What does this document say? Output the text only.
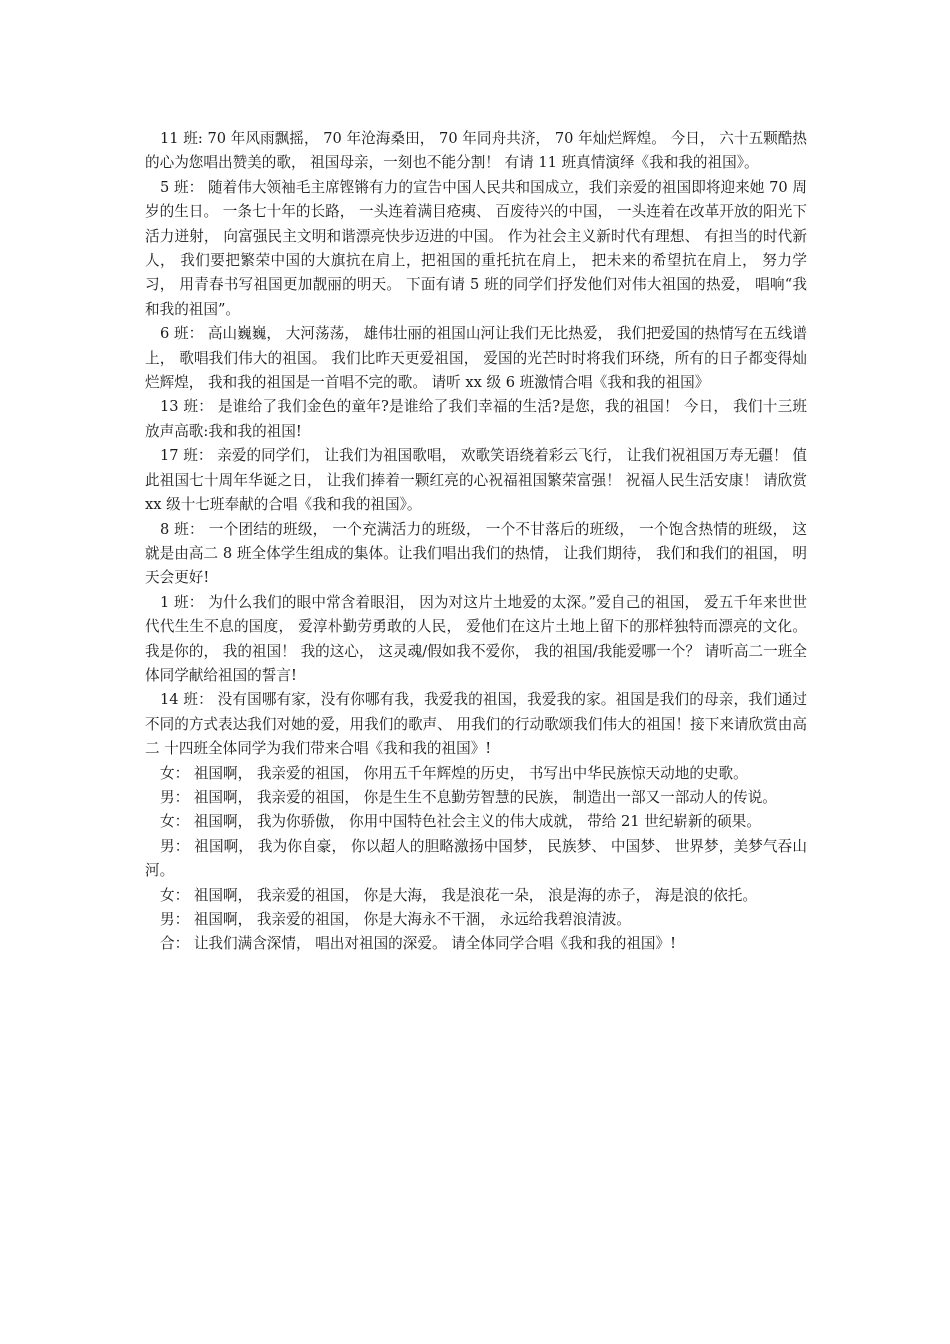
11 班: 70 年风雨飘摇， 70 年沧海桑田， 70 年同舟共济， 70 年灿烂辉煌。 今日， 六十五颗酷热的心为您唱出赞美的歌， 祖国母亲，一刻也不能分割！ 有请 11 班真情演绎《我和我的祖国》。

5 班： 随着伟大领袖毛主席铿锵有力的宣告中国人民共和国成立，我们亲爱的祖国即将迎来她 70 周岁的生日。 一条七十年的长路， 一头连着满目疮痍、 百废待兴的中国， 一头连着在改革开放的阳光下活力迸射， 向富强民主文明和谐漂亮快步迈进的中国。 作为社会主义新时代有理想、 有担当的时代新人， 我们要把繁荣中国的大旗抗在肩上，把祖国的重托抗在肩上， 把未来的希望抗在肩上， 努力学习， 用青春书写祖国更加靓丽的明天。 下面有请 5 班的同学们抒发他们对伟大祖国的热爱， 唱响“我和我的祖国”。

6 班： 高山巍巍， 大河荡荡， 雄伟壮丽的祖国山河让我们无比热爱， 我们把爱国的热情写在五线谱上， 歌唱我们伟大的祖国。 我们比昨天更爱祖国， 爱国的光芒时时将我们环绕，所有的日子都变得灿烂辉煌， 我和我的祖国是一首唱不完的歌。 请听 xx 级 6 班激情合唱《我和我的祖国》

13 班： 是谁给了我们金色的童年?是谁给了我们幸福的生活?是您，我的祖国！ 今日， 我们十三班放声高歌:我和我的祖国!

17 班： 亲爱的同学们， 让我们为祖国歌唱， 欢歌笑语绕着彩云飞行， 让我们祝祖国万寿无疆！ 值此祖国七十周年华诞之日， 让我们捧着一颗红亮的心祝福祖国繁荣富强！ 祝福人民生活安康！ 请欣赏xx 级十七班奉献的合唱《我和我的祖国》。

8 班： 一个团结的班级， 一个充满活力的班级， 一个不甘落后的班级， 一个饱含热情的班级， 这就是由高二 8 班全体学生组成的集体。让我们唱出我们的热情， 让我们期待， 我们和我们的祖国， 明天会更好!

1 班： 为什么我们的眼中常含着眼泪， 因为对这片土地爱的太深。”爱自己的祖国， 爱五千年来世世代代生生不息的国度， 爱淳朴勤劳勇敢的人民， 爱他们在这片土地上留下的那样独特而漂亮的文化。 我是你的， 我的祖国！ 我的这心， 这灵魂/假如我不爱你， 我的祖国/我能爱哪一个？ 请听高二一班全体同学献给祖国的誓言!

14 班： 没有国哪有家，没有你哪有我，我爱我的祖国，我爱我的家。祖国是我们的母亲，我们通过不同的方式表达我们对她的爱，用我们的歌声、 用我们的行动歌颂我们伟大的祖国！接下来请欣赏由高二 十四班全体同学为我们带来合唱《我和我的祖国》!

女： 祖国啊， 我亲爱的祖国， 你用五千年辉煌的历史， 书写出中华民族惊天动地的史歌。

男： 祖国啊， 我亲爱的祖国， 你是生生不息勤劳智慧的民族， 制造出一部又一部动人的传说。

女： 祖国啊， 我为你骄傲， 你用中国特色社会主义的伟大成就， 带给 21 世纪崭新的硕果。

男： 祖国啊， 我为你自豪， 你以超人的胆略激扬中国梦， 民族梦、 中国梦、 世界梦，美梦气吞山河。

女： 祖国啊， 我亲爱的祖国， 你是大海， 我是浪花一朵， 浪是海的赤子， 海是浪的依托。

男： 祖国啊， 我亲爱的祖国， 你是大海永不干涸， 永远给我碧浪清波。

合： 让我们满含深情， 唱出对祖国的深爱。 请全体同学合唱《我和我的祖国》!
